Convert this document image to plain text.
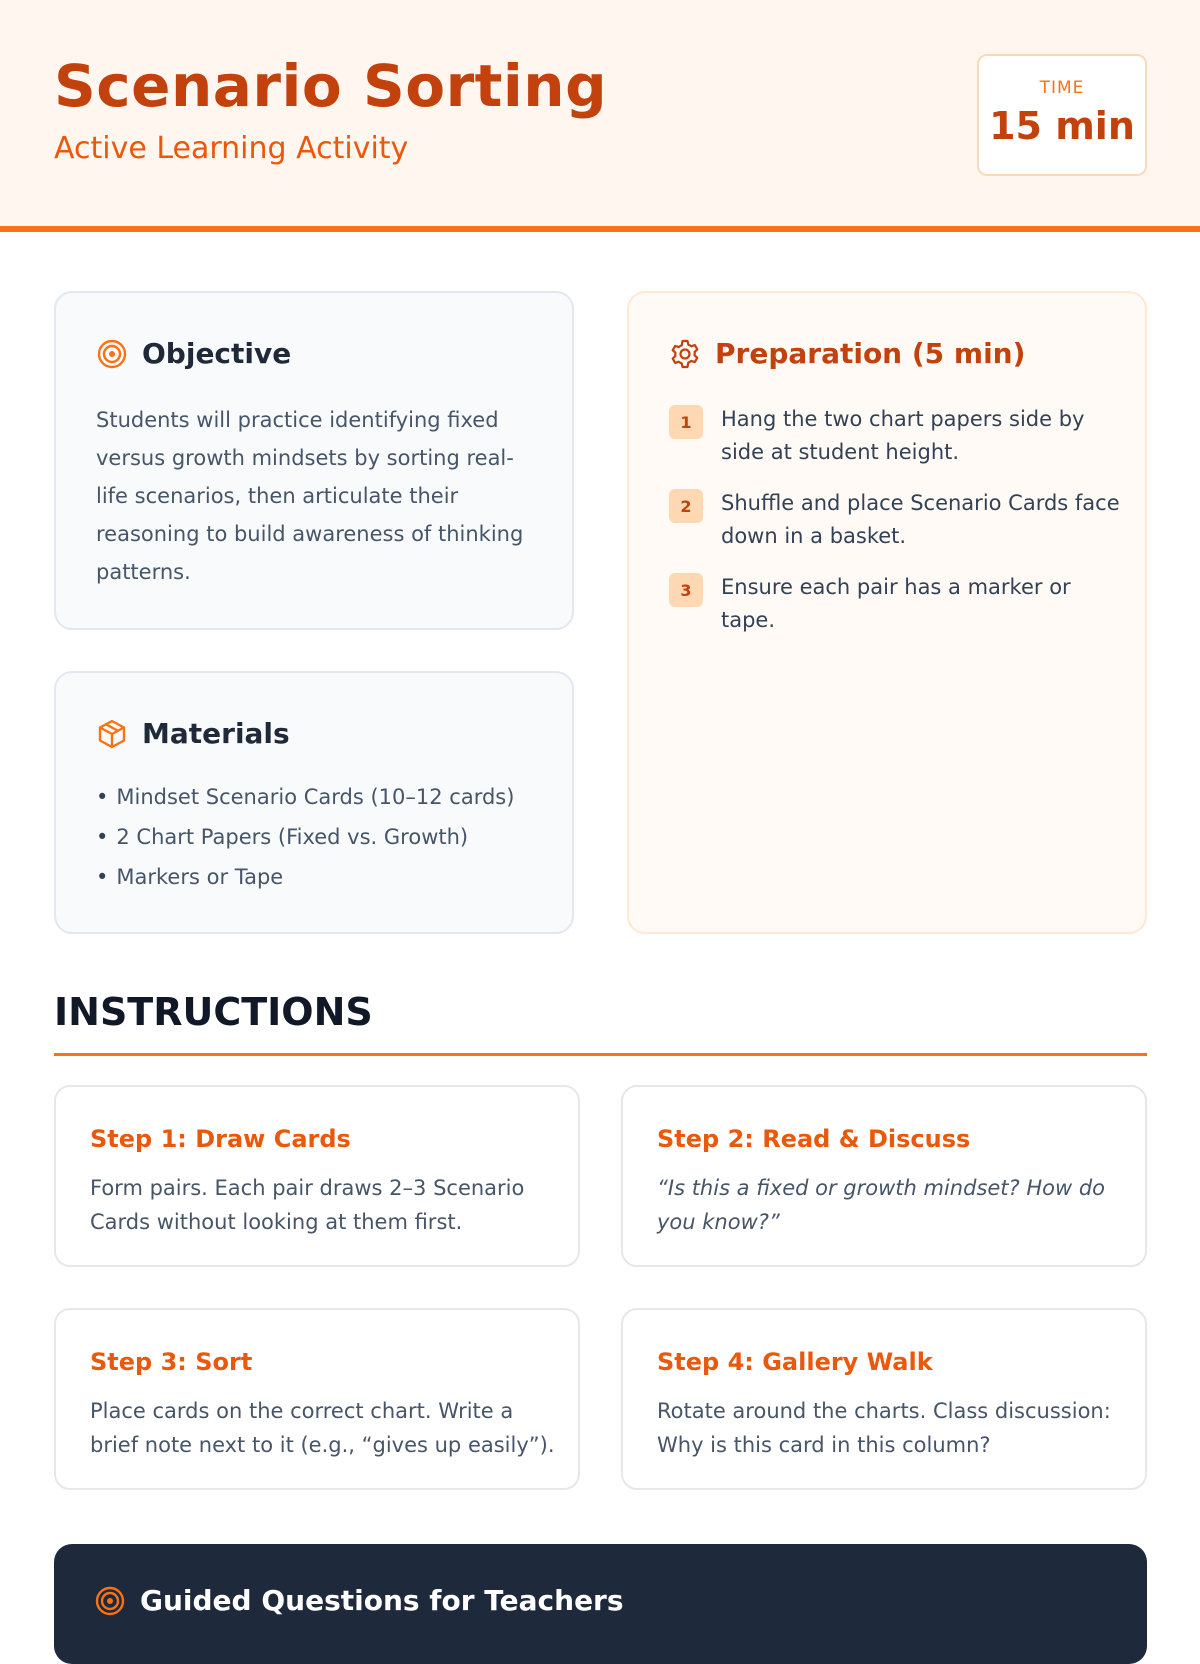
Scenario Sorting
Active Learning Activity
TIME
15 min
Objective

Students will practice identifying fixed versus growth mindsets by sorting real-life scenarios, then articulate their reasoning to build awareness of thinking patterns.

Materials
• Mindset Scenario Cards (10–12 cards)
• 2 Chart Papers (Fixed vs. Growth)
• Markers or Tape
Preparation (5 min)
1	Hang the two chart papers side by side at student height.
2	Shuffle and place Scenario Cards face down in a basket.
3	Ensure each pair has a marker or tape.
INSTRUCTIONS
Step 1: Draw Cards
Form pairs. Each pair draws 2–3 Scenario Cards without looking at them first.
Step 2: Read & Discuss
“Is this a fixed or growth mindset? How do you know?”
Step 3: Sort
Place cards on the correct chart. Write a brief note next to it (e.g., “gives up easily”).
Step 4: Gallery Walk
Rotate around the charts. Class discussion: Why is this card in this column?
Guided Questions for Teachers
